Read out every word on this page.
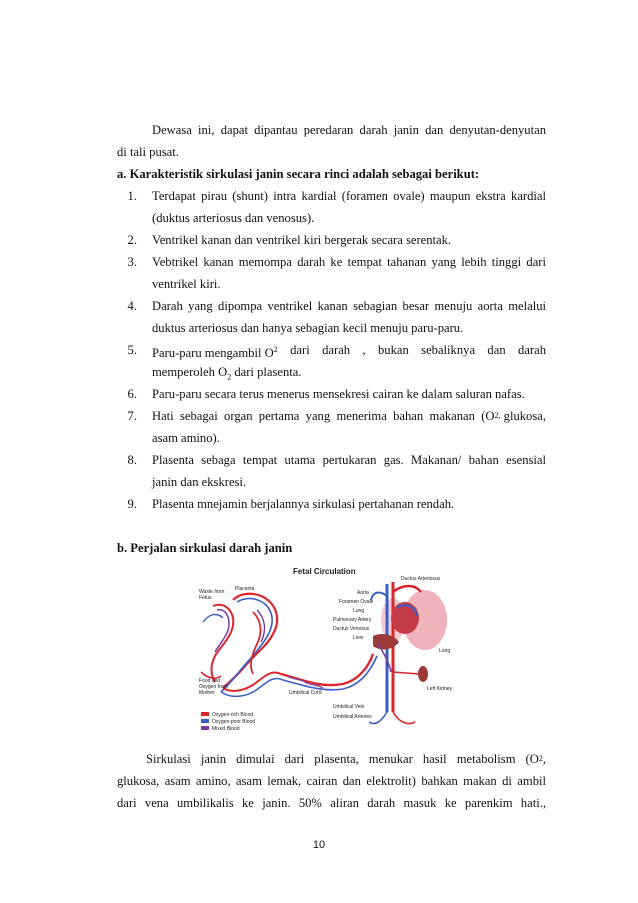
Dewasa ini, dapat dipantau peredaran darah janin dan denyutan-denyutan
di tali pusat.
a. Karakteristik sirkulasi janin secara rinci adalah sebagai berikut:
1. Terdapat pirau (shunt) intra kardial (foramen ovale) maupun ekstra kardial
(duktus arteriosus dan venosus).
2. Ventrikel kanan dan ventrikel kiri bergerak secara serentak.
3. Vebtrikel kanan memompa darah ke tempat tahanan yang lebih tinggi dari
ventrikel kiri.
4. Darah yang dipompa ventrikel kanan sebagian besar menuju aorta melalui
duktus arteriosus dan hanya sebagian kecil menuju paru-paru.
5. Paru-paru mengambil $O^2$ dari darah , bukan sebaliknya dan darah
memperoleh $O_2$ dari plasenta.
6. Paru-paru secara terus menerus mensekresi cairan ke dalam saluran nafas.
7. Hati sebagai organ pertama yang menerima bahan makanan (O 2, glukosa,
asam amino).
8. Plasenta sebaga tempat utama pertukaran gas. Makanan/ bahan esensial
janin dan ekskresi.
9. Plasenta mnejamin berjalannya sirkulasi pertahanan rendah.
b. Perjalan sirkulasi darah janin
Fetal Circulation
Waste from
Fetus
Placenta
Ductus Arteriosus
Aorta
Foramen Ovale
Lung
Pulmonary Artery
Ductus Venosus
Liver
Lung
Food and
Oxygen from
Mother	Umbilical Cord
Left Kidney
Umbilical Vein
Umbilical Arteries
Oxygen-rich Blood
Oxygen-poor Blood
Mixed Blood
Sirkulasi janin dimulai dari plasenta, menukar hasil metabolism (O 2 ,
glukosa, asam amino, asam lemak, cairan dan elektrolit) bahkan makan di ambil
dari vena umbilikalis ke janin. 50% aliran darah masuk ke parenkim hati.,
10
